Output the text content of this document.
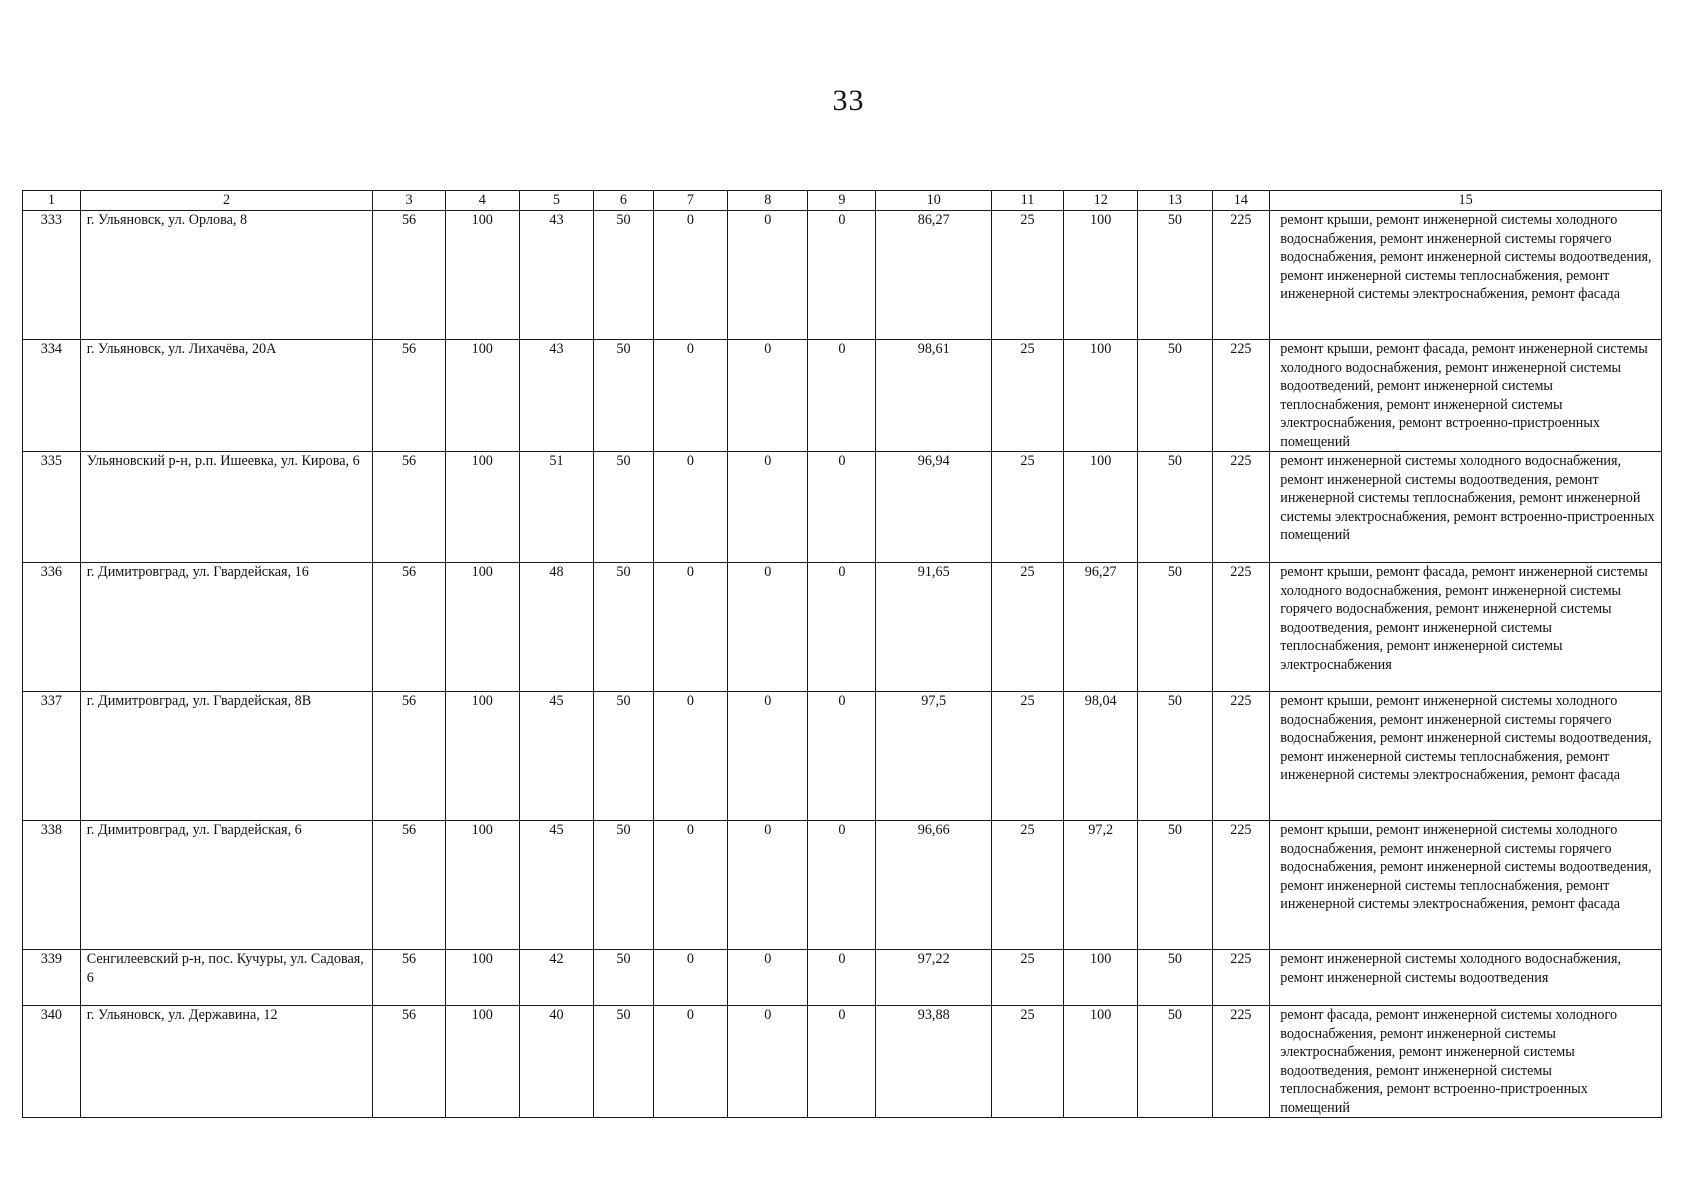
33
1	2	3	4	5	6	7	8	9	10	11	12	13	14	15
333	г. Ульяновск, ул. Орлова, 8	56	100	43	50	0	0	0	86,27	25	100	50	225	ремонт крыши, ремонт инженерной системы холодного водоснабжения, ремонт инженерной системы горячего водоснабжения, ремонт инженерной системы водоотведения, ремонт инженерной системы теплоснабжения, ремонт инженерной системы электроснабжения, ремонт фасада
334	г. Ульяновск, ул. Лихачёва, 20А	56	100	43	50	0	0	0	98,61	25	100	50	225	ремонт крыши, ремонт фасада, ремонт инженерной системы холодного водоснабжения, ремонт инженерной системы водоотведений, ремонт инженерной системы теплоснабжения, ремонт инженерной системы электроснабжения, ремонт встроенно-пристроенных помещений
335	Ульяновский р-н, р.п. Ишеевка, ул. Кирова, 6	56	100	51	50	0	0	0	96,94	25	100	50	225	ремонт инженерной системы холодного водоснабжения, ремонт инженерной системы водоотведения, ремонт инженерной системы теплоснабжения, ремонт инженерной системы электроснабжения, ремонт встроенно-пристроенных помещений
336	г. Димитровград, ул. Гвардейская, 16	56	100	48	50	0	0	0	91,65	25	96,27	50	225	ремонт крыши, ремонт фасада, ремонт инженерной системы холодного водоснабжения, ремонт инженерной системы горячего водоснабжения, ремонт инженерной системы водоотведения, ремонт инженерной системы теплоснабжения, ремонт инженерной системы электроснабжения
337	г. Димитровград, ул. Гвардейская, 8В	56	100	45	50	0	0	0	97,5	25	98,04	50	225	ремонт крыши, ремонт инженерной системы холодного водоснабжения, ремонт инженерной системы горячего водоснабжения, ремонт инженерной системы водоотведения, ремонт инженерной системы теплоснабжения, ремонт инженерной системы электроснабжения, ремонт фасада
338	г. Димитровград, ул. Гвардейская, 6	56	100	45	50	0	0	0	96,66	25	97,2	50	225	ремонт крыши, ремонт инженерной системы холодного водоснабжения, ремонт инженерной системы горячего водоснабжения, ремонт инженерной системы водоотведения, ремонт инженерной системы теплоснабжения, ремонт инженерной системы электроснабжения, ремонт фасада
339	Сенгилеевский р-н, пос. Кучуры, ул. Садовая, 6	56	100	42	50	0	0	0	97,22	25	100	50	225	ремонт инженерной системы холодного водоснабжения, ремонт инженерной системы водоотведения
340	г. Ульяновск, ул. Державина, 12	56	100	40	50	0	0	0	93,88	25	100	50	225	ремонт фасада, ремонт инженерной системы холодного водоснабжения, ремонт инженерной системы электроснабжения, ремонт инженерной системы водоотведения, ремонт инженерной системы теплоснабжения, ремонт встроенно-пристроенных помещений
